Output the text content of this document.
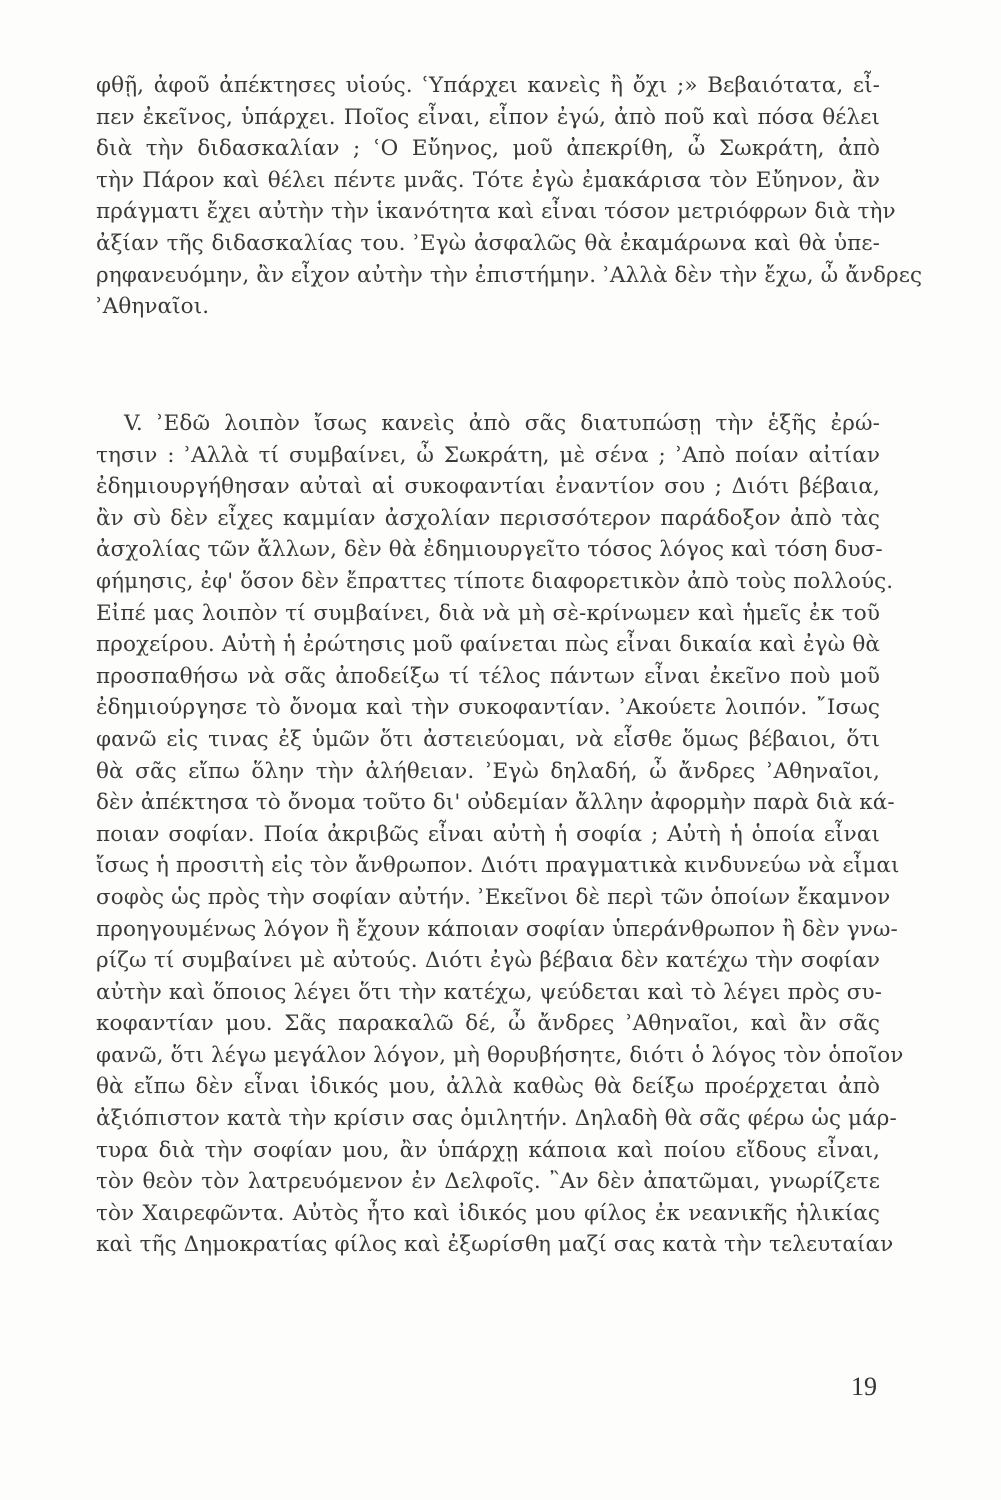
φθῇ, ἀφοῦ ἀπέκτησες υἱούς. ʿΥπάρχει κανεὶς ἢ ὄχι ;» Βεβαιότατα, εἶ-
πεν ἐκεῖνος, ὑπάρχει. Ποῖος εἶναι, εἶπον ἐγώ, ἀπὸ ποῦ καὶ πόσα θέλει
διὰ τὴν διδασκαλίαν ; ʿΟ Εὔηνος, μοῦ ἀπεκρίθη, ὦ Σωκράτη, ἀπὸ
τὴν Πάρον καὶ θέλει πέντε μνᾶς. Τότε ἐγὼ ἐμακάρισα τὸν Εὔηνον, ἂν
πράγματι ἔχει αὐτὴν τὴν ἱκανότητα καὶ εἶναι τόσον μετριόφρων διὰ τὴν
ἀξίαν τῆς διδασκαλίας του. ʾΕγὼ ἀσφαλῶς θὰ ἐκαμάρωνα καὶ θὰ ὑπε-
ρηφανευόμην, ἂν εἶχον αὐτὴν τὴν ἐπιστήμην. ʾΑλλὰ δὲν τὴν ἔχω, ὦ ἄνδρες
ʾΑθηναῖοι.
V. ʾΕδῶ λοιπὸν ἴσως κανεὶς ἀπὸ σᾶς διατυπώσῃ τὴν ἑξῆς ἐρώ-
τησιν : ʾΑλλὰ τί συμβαίνει, ὦ Σωκράτη, μὲ σένα ; ʾΑπὸ ποίαν αἰτίαν
ἐδημιουργήθησαν αὐταὶ αἱ συκοφαντίαι ἐναντίον σου ; Διότι βέβαια,
ἂν σὺ δὲν εἶχες καμμίαν ἀσχολίαν περισσότερον παράδοξον ἀπὸ τὰς
ἀσχολίας τῶν ἄλλων, δὲν θὰ ἐδημιουργεῖτο τόσος λόγος καὶ τόση δυσ-
φήμησις, ἐφ' ὅσον δὲν ἔπραττες τίποτε διαφορετικὸν ἀπὸ τοὺς πολλούς.
Εἰπέ μας λοιπὸν τί συμβαίνει, διὰ νὰ μὴ σὲ-κρίνωμεν καὶ ἡμεῖς ἐκ τοῦ
προχείρου. Αὐτὴ ἡ ἐρώτησις μοῦ φαίνεται πὼς εἶναι δικαία καὶ ἐγὼ θὰ
προσπαθήσω νὰ σᾶς ἀποδείξω τί τέλος πάντων εἶναι ἐκεῖνο ποὺ μοῦ
ἐδημιούργησε τὸ ὄνομα καὶ τὴν συκοφαντίαν. ʾΑκούετε λοιπόν. ῎Ισως
φανῶ εἰς τινας ἐξ ὑμῶν ὅτι ἀστειεύομαι, νὰ εἶσθε ὅμως βέβαιοι, ὅτι
θὰ σᾶς εἴπω ὅλην τὴν ἀλήθειαν. ʾΕγὼ δηλαδή, ὦ ἄνδρες ʾΑθηναῖοι,
δὲν ἀπέκτησα τὸ ὄνομα τοῦτο δι' οὐδεμίαν ἄλλην ἀφορμὴν παρὰ διὰ κά-
ποιαν σοφίαν. Ποία ἀκριβῶς εἶναι αὐτὴ ἡ σοφία ; Αὐτὴ ἡ ὁποία εἶναι
ἴσως ἡ προσιτὴ εἰς τὸν ἄνθρωπον. Διότι πραγματικὰ κινδυνεύω νὰ εἶμαι
σοφὸς ὡς πρὸς τὴν σοφίαν αὐτήν. ʾΕκεῖνοι δὲ περὶ τῶν ὁποίων ἔκαμνον
προηγουμένως λόγον ἢ ἔχουν κάποιαν σοφίαν ὑπεράνθρωπον ἢ δὲν γνω-
ρίζω τί συμβαίνει μὲ αὐτούς. Διότι ἐγὼ βέβαια δὲν κατέχω τὴν σοφίαν
αὐτὴν καὶ ὅποιος λέγει ὅτι τὴν κατέχω, ψεύδεται καὶ τὸ λέγει πρὸς συ-
κοφαντίαν μου. Σᾶς παρακαλῶ δέ, ὦ ἄνδρες ʾΑθηναῖοι, καὶ ἂν σᾶς
φανῶ, ὅτι λέγω μεγάλον λόγον, μὴ θορυβήσητε, διότι ὁ λόγος τὸν ὁποῖον
θὰ εἴπω δὲν εἶναι ἰδικός μου, ἀλλὰ καθὼς θὰ δείξω προέρχεται ἀπὸ
ἀξιόπιστον κατὰ τὴν κρίσιν σας ὁμιλητήν. Δηλαδὴ θὰ σᾶς φέρω ὡς μάρ-
τυρα διὰ τὴν σοφίαν μου, ἂν ὑπάρχῃ κάποια καὶ ποίου εἴδους εἶναι,
τὸν θεὸν τὸν λατρευόμενον ἐν Δελφοῖς. ῍Αν δὲν ἀπατῶμαι, γνωρίζετε
τὸν Χαιρεφῶντα. Αὐτὸς ἦτο καὶ ἰδικός μου φίλος ἐκ νεανικῆς ἡλικίας
καὶ τῆς Δημοκρατίας φίλος καὶ ἐξωρίσθη μαζί σας κατὰ τὴν τελευταίαν
19
